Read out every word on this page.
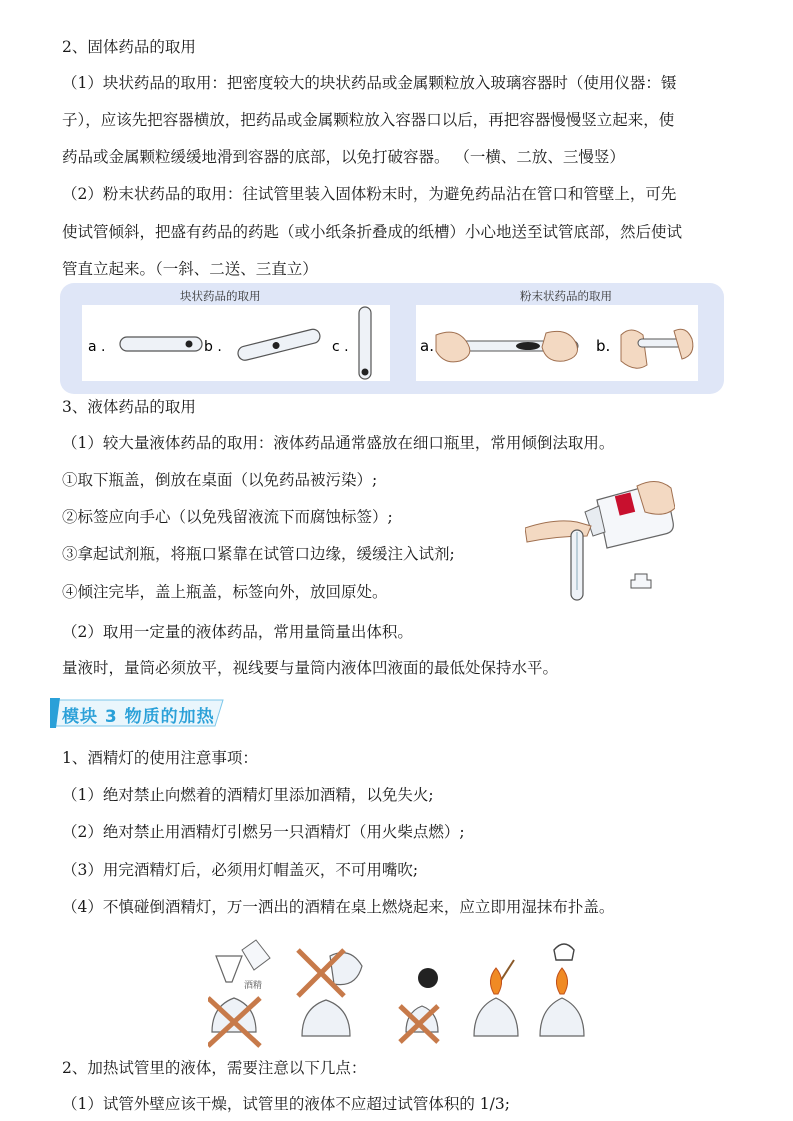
2、固体药品的取用
（1）块状药品的取用：把密度较大的块状药品或金属颗粒放入玻璃容器时（使用仪器：镊
子），应该先把容器横放，把药品或金属颗粒放入容器口以后，再把容器慢慢竖立起来，使
药品或金属颗粒缓缓地滑到容器的底部，以免打破容器。 （一横、二放、三慢竖）
（2）粉末状药品的取用：往试管里装入固体粉末时，为避免药品沾在管口和管壁上，可先
使试管倾斜，把盛有药品的药匙（或小纸条折叠成的纸槽）小心地送至试管底部，然后使试
管直立起来。（一斜、二送、三直立）
块状药品的取用	粉末状药品的取用
a .	b .	c .	a.	b.
3、液体药品的取用
（1）较大量液体药品的取用：液体药品通常盛放在细口瓶里，常用倾倒法取用。
①取下瓶盖，倒放在桌面（以免药品被污染）;
②标签应向手心（以免残留液流下而腐蚀标签）;
③拿起试剂瓶，将瓶口紧靠在试管口边缘，缓缓注入试剂;
④倾注完毕，盖上瓶盖，标签向外，放回原处。
（2）取用一定量的液体药品，常用量筒量出体积。
量液时，量筒必须放平，视线要与量筒内液体凹液面的最低处保持水平。
模块 3 物质的加热
1、酒精灯的使用注意事项：
（1）绝对禁止向燃着的酒精灯里添加酒精，以免失火;
（2）绝对禁止用酒精灯引燃另一只酒精灯（用火柴点燃）;
（3）用完酒精灯后，必须用灯帽盖灭，不可用嘴吹;
（4）不慎碰倒酒精灯，万一洒出的酒精在桌上燃烧起来，应立即用湿抹布扑盖。
酒精
2、加热试管里的液体，需要注意以下几点：
（1）试管外壁应该干燥，试管里的液体不应超过试管体积的 1/3;
